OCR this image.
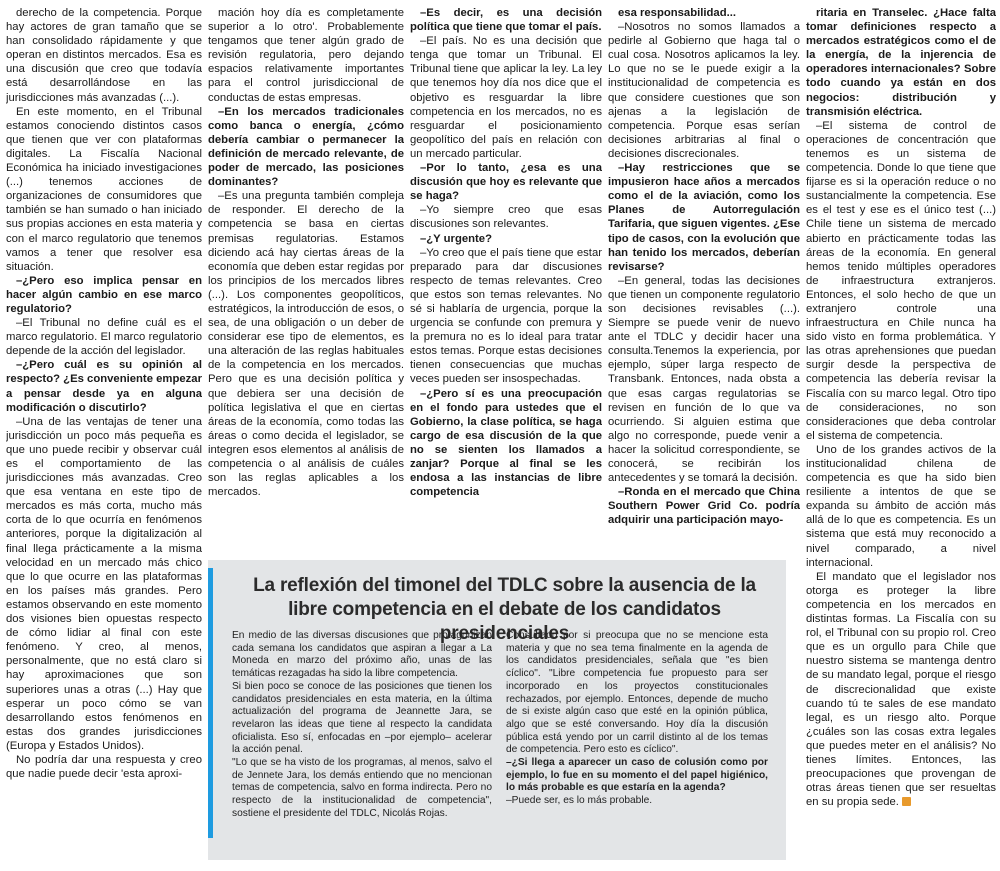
derecho de la competencia. Porque hay actores de gran tamaño que se han consolidado rápidamente y que operan en distintos mercados. Esa es una discusión que creo que todavía está desarrollándose en las jurisdicciones más avanzadas (...).

En este momento, en el Tribunal estamos conociendo distintos casos que tienen que ver con plataformas digitales. La Fiscalía Nacional Económica ha iniciado investigaciones (...) tenemos acciones de organizaciones de consumidores que también se han sumado o han iniciado sus propias acciones en esta materia y con el marco regulatorio que tenemos vamos a tener que resolver esa situación.

–¿Pero eso implica pensar en hacer algún cambio en ese marco regulatorio?

–El Tribunal no define cuál es el marco regulatorio. El marco regulatorio depende de la acción del legislador.

–¿Pero cuál es su opinión al respecto? ¿Es conveniente empezar a pensar desde ya en alguna modificación o discutirlo?

–Una de las ventajas de tener una jurisdicción un poco más pequeña es que uno puede recibir y observar cuál es el comportamiento de las jurisdicciones más avanzadas. Creo que esa ventana en este tipo de mercados es más corta, mucho más corta de lo que ocurría en fenómenos anteriores, porque la digitalización al final llega prácticamente a la misma velocidad en un mercado más chico que lo que ocurre en las plataformas en los países más grandes. Pero estamos observando en este momento dos visiones bien opuestas respecto de cómo lidiar al final con este fenómeno. Y creo, al menos, personalmente, que no está claro si hay aproximaciones que son superiores unas a otras (...) Hay que esperar un poco cómo se van desarrollando estos fenómenos en estas dos grandes jurisdicciones (Europa y Estados Unidos).

No podría dar una respuesta y creo que nadie puede decir 'esta aproxi-

mación hoy día es completamente superior a lo otro'. Probablemente tengamos que tener algún grado de revisión regulatoria, pero dejando espacios relativamente importantes para el control jurisdiccional de conductas de estas empresas.

–En los mercados tradicionales como banca o energía, ¿cómo debería cambiar o permanecer la definición de mercado relevante, de poder de mercado, las posiciones dominantes?

–Es una pregunta también compleja de responder. El derecho de la competencia se basa en ciertas premisas regulatorias. Estamos diciendo acá hay ciertas áreas de la economía que deben estar regidas por los principios de los mercados libres (...). Los componentes geopolíticos, estratégicos, la introducción de esos, o sea, de una obligación o un deber de considerar ese tipo de elementos, es una alteración de las reglas habituales de la competencia en los mercados. Pero que es una decisión política y que debiera ser una decisión de política legislativa el que en ciertas áreas de la economía, como todas las áreas o como decida el legislador, se integren esos elementos al análisis de competencia o al análisis de cuáles son las reglas aplicables a los mercados.

–Es decir, es una decisión política que tiene que tomar el país.

–El país. No es una decisión que tenga que tomar un Tribunal. El Tribunal tiene que aplicar la ley. La ley que tenemos hoy día nos dice que el objetivo es resguardar la libre competencia en los mercados, no es resguardar el posicionamiento geopolítico del país en relación con un mercado particular.

–Por lo tanto, ¿esa es una discusión que hoy es relevante que se haga?

–Yo siempre creo que esas discusiones son relevantes.

–¿Y urgente?

–Yo creo que el país tiene que estar preparado para dar discusiones respecto de temas relevantes. Creo que estos son temas relevantes. No sé si hablaría de urgencia, porque la urgencia se confunde con premura y la premura no es lo ideal para tratar estos temas. Porque estas decisiones tienen consecuencias que muchas veces pueden ser insospechadas.

–¿Pero sí es una preocupación en el fondo para ustedes que el Gobierno, la clase política, se haga cargo de esa discusión de la que no se sienten los llamados a zanjar? Porque al final se les endosa a las instancias de libre competencia

esa responsabilidad...

–Nosotros no somos llamados a pedirle al Gobierno que haga tal o cual cosa. Nosotros aplicamos la ley. Lo que no se le puede exigir a la institucionalidad de competencia es que considere cuestiones que son ajenas a la legislación de competencia. Porque esas serían decisiones arbitrarias al final o decisiones discrecionales.

–Hay restricciones que se impusieron hace años a mercados como el de la aviación, como los Planes de Autorregulación Tarifaria, que siguen vigentes. ¿Ese tipo de casos, con la evolución que han tenido los mercados, deberían revisarse?

–En general, todas las decisiones que tienen un componente regulatorio son decisiones revisables (...). Siempre se puede venir de nuevo ante el TDLC y decidir hacer una consulta.Tenemos la experiencia, por ejemplo, súper larga respecto de Transbank. Entonces, nada obsta a que esas cargas regulatorias se revisen en función de lo que va ocurriendo. Si alguien estima que algo no corresponde, puede venir a hacer la solicitud correspondiente, se conocerá, se recibirán los antecedentes y se tomará la decisión.

–Ronda en el mercado que China Southern Power Grid Co. podría adquirir una participación mayo-

ritaria en Transelec. ¿Hace falta tomar definiciones respecto a mercados estratégicos como el de la energía, de la injerencia de operadores internacionales? Sobre todo cuando ya están en dos negocios: distribución y transmisión eléctrica.

–El sistema de control de operaciones de concentración que tenemos es un sistema de competencia. Donde lo que tiene que fijarse es si la operación reduce o no sustancialmente la competencia. Ese es el test y ese es el único test (...) Chile tiene un sistema de mercado abierto en prácticamente todas las áreas de la economía. En general hemos tenido múltiples operadores de infraestructura extranjeros. Entonces, el solo hecho de que un extranjero controle una infraestructura en Chile nunca ha sido visto en forma problemática. Y las otras aprehensiones que puedan surgir desde la perspectiva de competencia las debería revisar la Fiscalía con su marco legal. Otro tipo de consideraciones, no son consideraciones que deba controlar el sistema de competencia.

Uno de los grandes activos de la institucionalidad chilena de competencia es que ha sido bien resiliente a intentos de que se expanda su ámbito de acción más allá de lo que es competencia. Es un sistema que está muy reconocido a nivel comparado, a nivel internacional.

El mandato que el legislador nos otorga es proteger la libre competencia en los mercados en distintas formas. La Fiscalía con su rol, el Tribunal con su propio rol. Creo que es un orgullo para Chile que nuestro sistema se mantenga dentro de su mandato legal, porque el riesgo de discrecionalidad que existe cuando tú te sales de ese mandato legal, es un riesgo alto. Porque ¿cuáles son las cosas extra legales que puedes meter en el análisis? No tienes límites. Entonces, las preocupaciones que provengan de otras áreas tienen que ser resueltas en su propia sede.

La reflexión del timonel del TDLC sobre la ausencia de la libre competencia en el debate de los candidatos presidenciales

En medio de las diversas discusiones que protagonizan cada semana los candidatos que aspiran a llegar a La Moneda en marzo del próximo año, unas de las temáticas rezagadas ha sido la libre competencia.

Si bien poco se conoce de las posiciones que tienen los candidatos presidenciales en esta materia, en la última actualización del programa de Jeannette Jara, se revelaron las ideas que tiene al respecto la candidata oficialista. Eso sí, enfocadas en –por ejemplo– acelerar la acción penal.

"Lo que se ha visto de los programas, al menos, salvo el de Jennete Jara, los demás entiendo que no mencionan temas de competencia, salvo en forma indirecta. Pero no respecto de la institucionalidad de competencia", sostiene el presidente del TDLC, Nicolás Rojas.

Consultado por si preocupa que no se mencione esta materia y que no sea tema finalmente en la agenda de los candidatos presidenciales, señala que "es bien cíclico". "Libre competencia fue propuesto para ser incorporado en los proyectos constitucionales rechazados, por ejemplo. Entonces, depende de mucho de si existe algún caso que esté en la opinión pública, algo que se esté conversando. Hoy día la discusión pública está yendo por un carril distinto al de los temas de competencia. Pero esto es cíclico".

–¿Si llega a aparecer un caso de colusión como por ejemplo, lo fue en su momento el del papel higiénico, lo más probable es que estaría en la agenda?

–Puede ser, es lo más probable.
